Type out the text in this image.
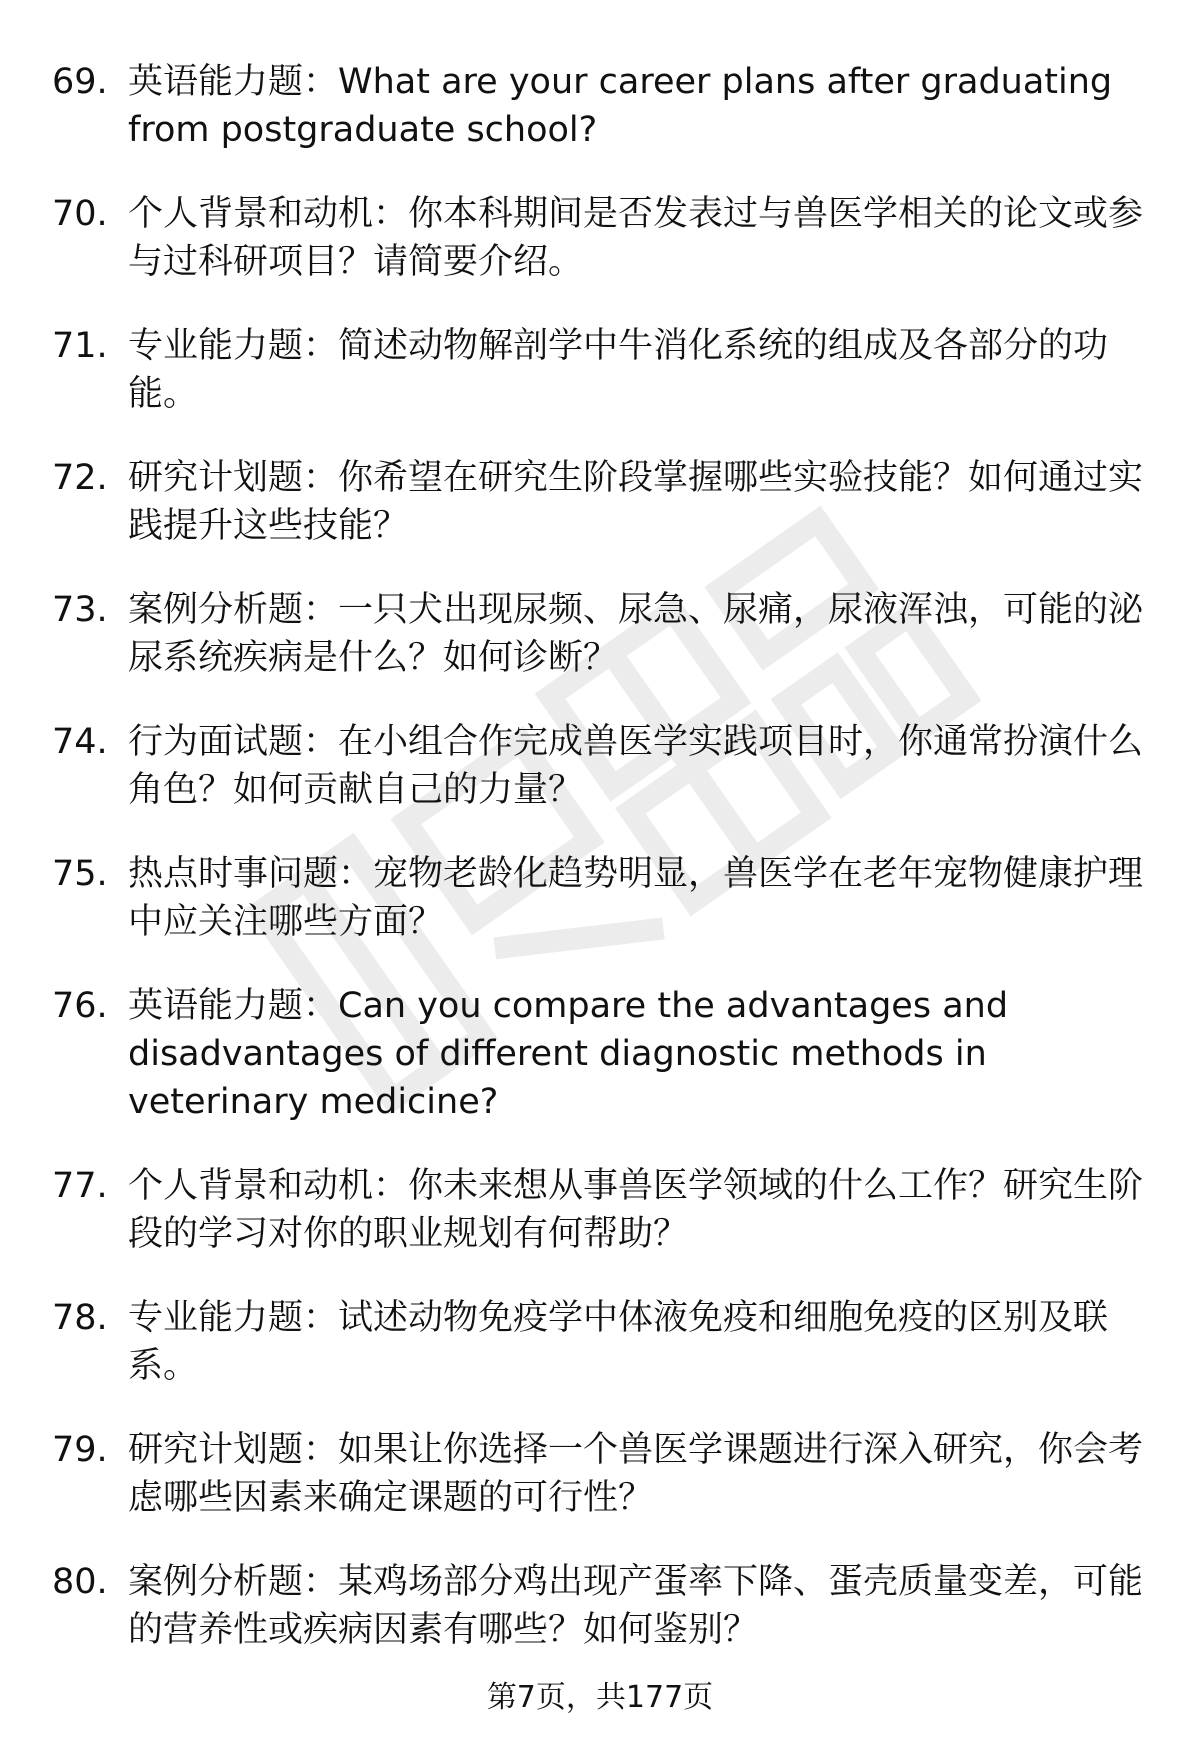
69. 英语能力题：What are your career plans after graduating from postgraduate school?
70. 个人背景和动机：你本科期间是否发表过与兽医学相关的论文或参与过科研项目？请简要介绍。
71. 专业能力题：简述动物解剖学中牛消化系统的组成及各部分的功能。
72. 研究计划题：你希望在研究生阶段掌握哪些实验技能？如何通过实践提升这些技能？
73. 案例分析题：一只犬出现尿频、尿急、尿痛，尿液浑浊，可能的泌尿系统疾病是什么？如何诊断？
74. 行为面试题：在小组合作完成兽医学实践项目时，你通常扮演什么角色？如何贡献自己的力量？
75. 热点时事问题：宠物老龄化趋势明显，兽医学在老年宠物健康护理中应关注哪些方面？
76. 英语能力题：Can you compare the advantages and disadvantages of different diagnostic methods in veterinary medicine?
77. 个人背景和动机：你未来想从事兽医学领域的什么工作？研究生阶段的学习对你的职业规划有何帮助？
78. 专业能力题：试述动物免疫学中体液免疫和细胞免疫的区别及联系。
79. 研究计划题：如果让你选择一个兽医学课题进行深入研究，你会考虑哪些因素来确定课题的可行性？
80. 案例分析题：某鸡场部分鸡出现产蛋率下降、蛋壳质量变差，可能的营养性或疾病因素有哪些？如何鉴别？
第7页，共177页
